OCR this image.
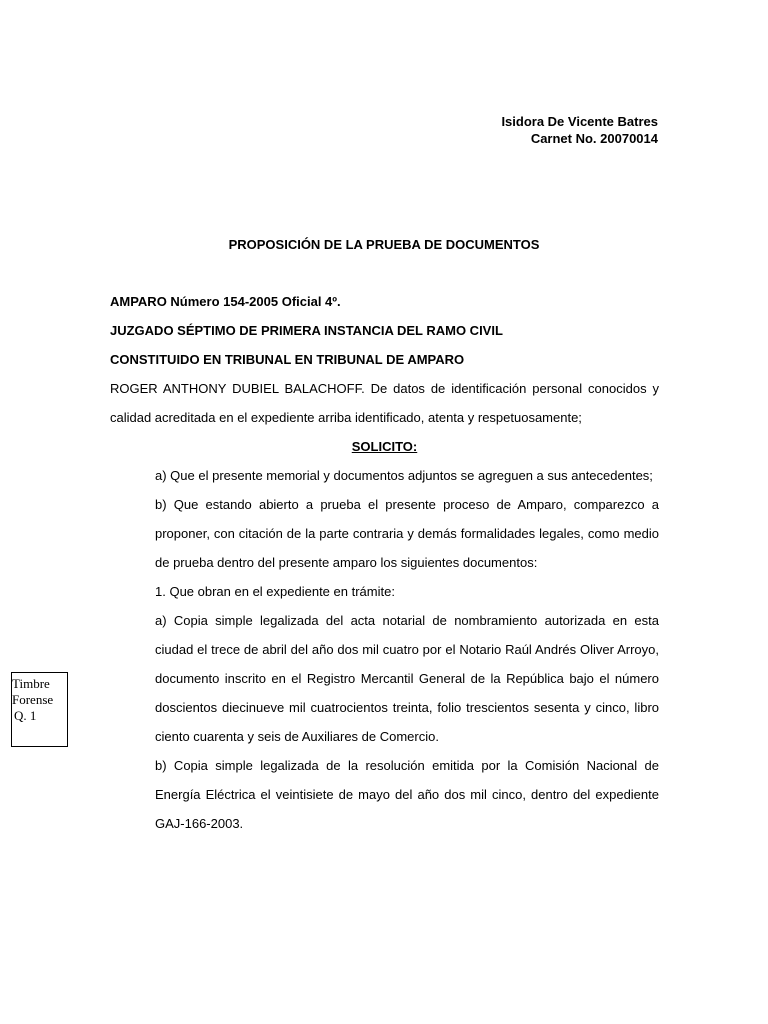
Isidora De Vicente Batres
Carnet No. 20070014
PROPOSICIÓN DE LA PRUEBA DE DOCUMENTOS
AMPARO Número 154-2005 Oficial 4º.
JUZGADO SÉPTIMO DE PRIMERA INSTANCIA DEL RAMO CIVIL
CONSTITUIDO EN TRIBUNAL EN TRIBUNAL DE AMPARO
ROGER ANTHONY DUBIEL BALACHOFF. De datos de identificación personal conocidos y calidad acreditada en el expediente arriba identificado, atenta y respetuosamente;
SOLICITO:
a) Que el presente memorial y documentos adjuntos se agreguen a sus antecedentes;
b) Que estando abierto a prueba el presente proceso de Amparo, comparezco a proponer, con citación de la parte contraria y demás formalidades legales, como medio de prueba dentro del presente amparo los siguientes documentos:
1. Que obran en el expediente en trámite:
a) Copia simple legalizada del acta notarial de nombramiento autorizada en esta ciudad el trece de abril del año dos mil cuatro por el Notario Raúl Andrés Oliver Arroyo, documento inscrito en el Registro Mercantil General de la República bajo el número doscientos diecinueve mil cuatrocientos treinta, folio trescientos sesenta y cinco, libro ciento cuarenta y seis de Auxiliares de Comercio.
b) Copia simple legalizada de la resolución emitida por la Comisión Nacional de Energía Eléctrica el veintisiete de mayo del año dos mil cinco, dentro del expediente GAJ-166-2003.
Timbre
Forense
Q. 1
